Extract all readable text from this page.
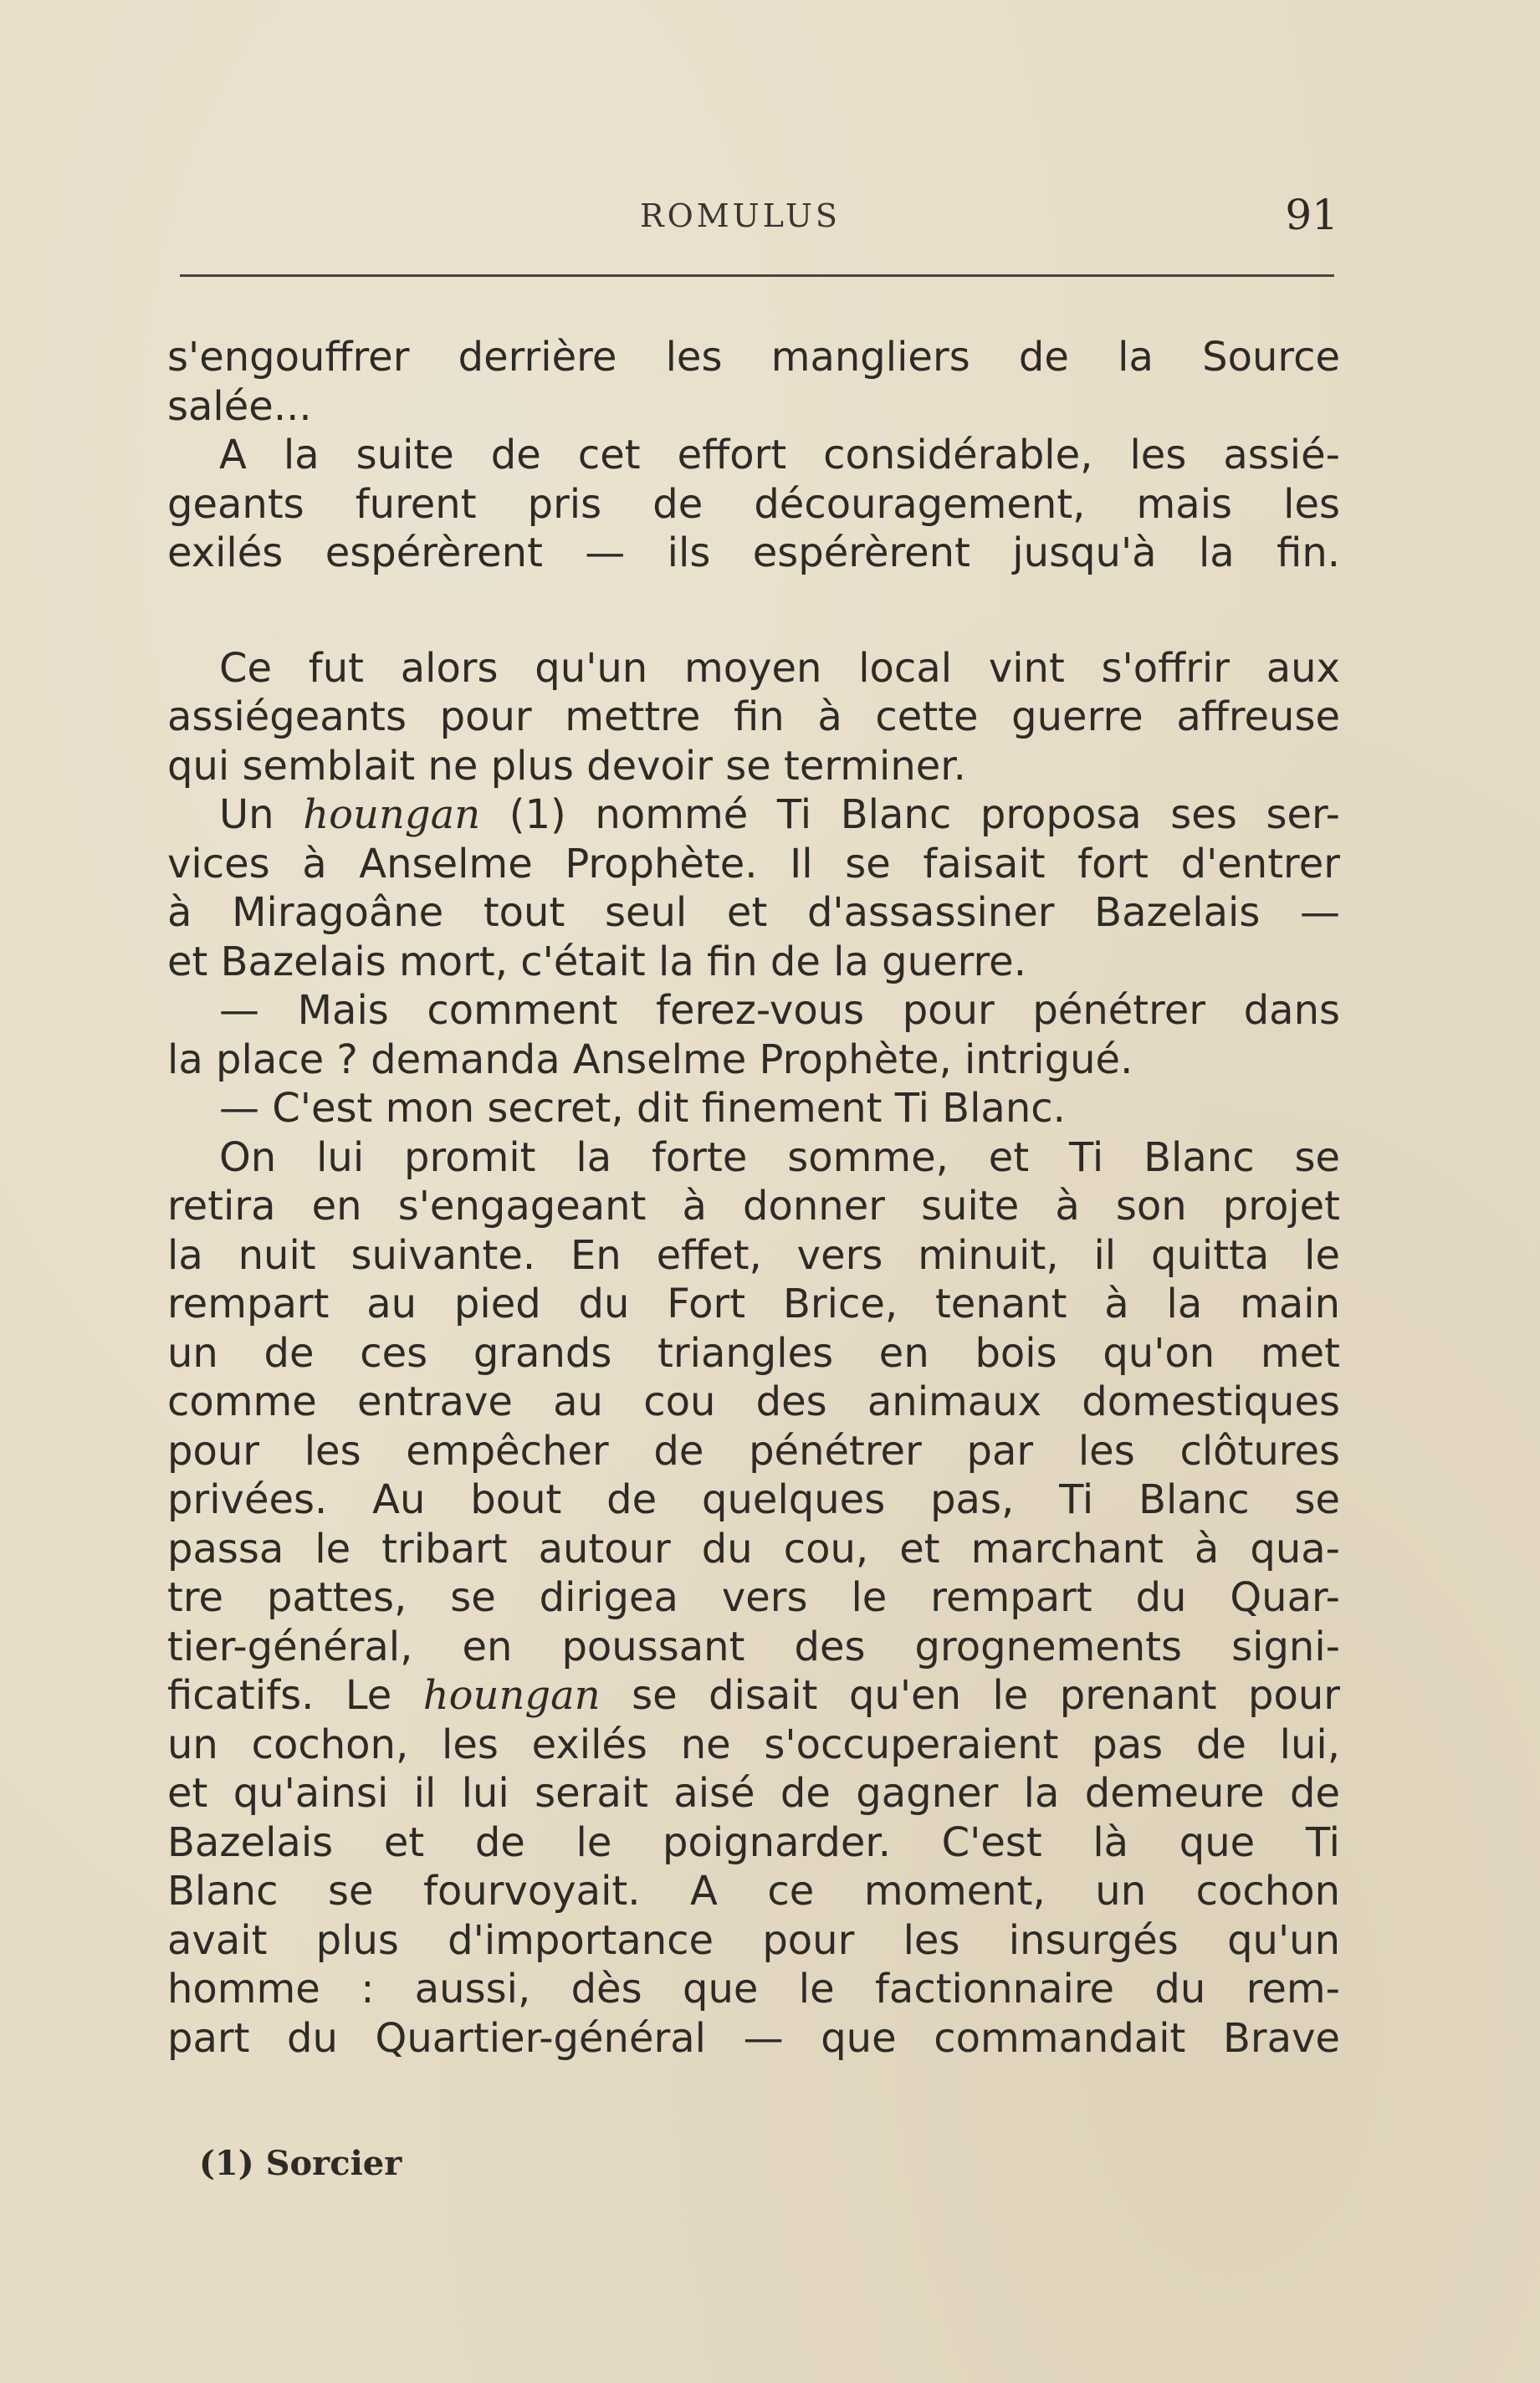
ROMULUS	91
s'engouffrer derrière les mangliers de la Source
salée...
A la suite de cet effort considérable, les assié-
geants furent pris de découragement, mais les
exilés espérèrent — ils espérèrent jusqu'à la fin.
Ce fut alors qu'un moyen local vint s'offrir aux
assiégeants pour mettre fin à cette guerre affreuse
qui semblait ne plus devoir se terminer.
Un houngan (1) nommé Ti Blanc proposa ses ser-
vices à Anselme Prophète. Il se faisait fort d'entrer
à Miragoâne tout seul et d'assassiner Bazelais —
et Bazelais mort, c'était la fin de la guerre.
— Mais comment ferez-vous pour pénétrer dans
la place ? demanda Anselme Prophète, intrigué.
— C'est mon secret, dit finement Ti Blanc.
On lui promit la forte somme, et Ti Blanc se
retira en s'engageant à donner suite à son projet
la nuit suivante. En effet, vers minuit, il quitta le
rempart au pied du Fort Brice, tenant à la main
un de ces grands triangles en bois qu'on met
comme entrave au cou des animaux domestiques
pour les empêcher de pénétrer par les clôtures
privées. Au bout de quelques pas, Ti Blanc se
passa le tribart autour du cou, et marchant à qua-
tre pattes, se dirigea vers le rempart du Quar-
tier-général, en poussant des grognements signi-
ficatifs. Le houngan se disait qu'en le prenant pour
un cochon, les exilés ne s'occuperaient pas de lui,
et qu'ainsi il lui serait aisé de gagner la demeure de
Bazelais et de le poignarder. C'est là que Ti
Blanc se fourvoyait. A ce moment, un cochon
avait plus d'importance pour les insurgés qu'un
homme : aussi, dès que le factionnaire du rem-
part du Quartier-général — que commandait Brave
(1) Sorcier
